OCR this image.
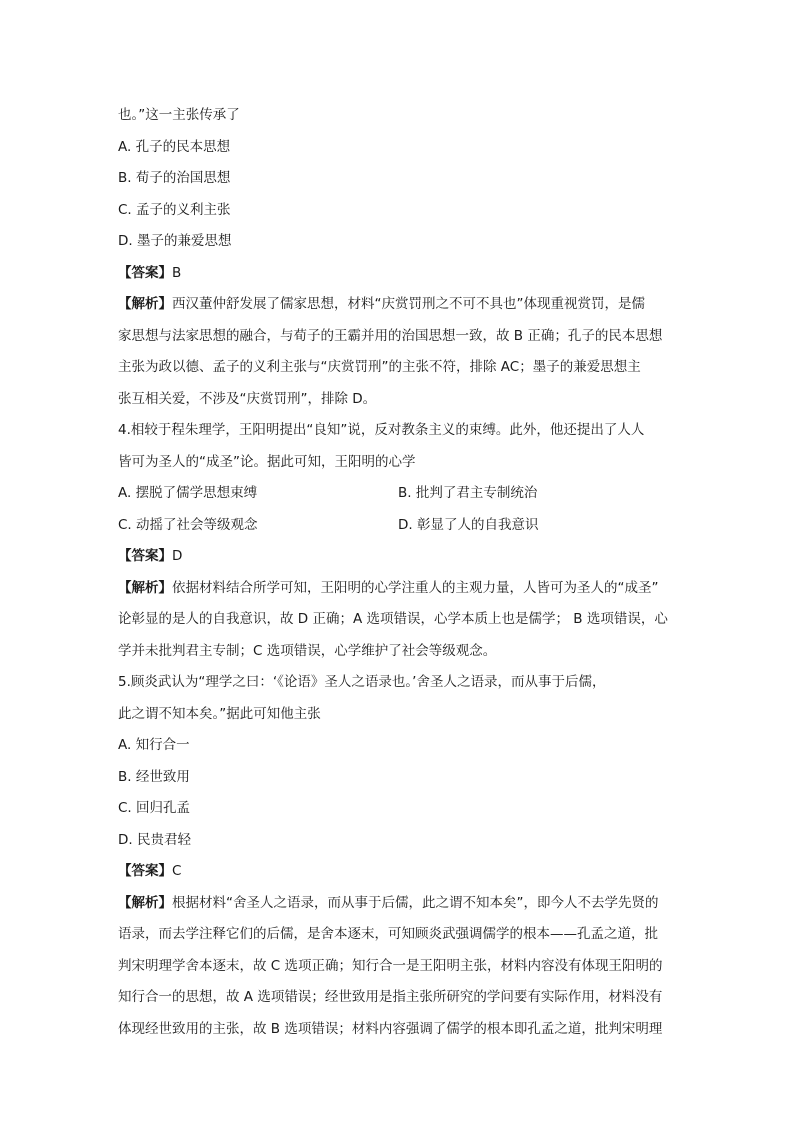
也。”这一主张传承了
A. 孔子的民本思想
B. 荀子的治国思想
C. 孟子的义利主张
D. 墨子的兼爱思想
【答案】B
【解析】西汉董仲舒发展了儒家思想，材料“庆赏罚刑之不可不具也”体现重视赏罚，是儒
家思想与法家思想的融合，与荀子的王霸并用的治国思想一致，故 B 正确；孔子的民本思想
主张为政以德、孟子的义利主张与“庆赏罚刑”的主张不符，排除 AC；墨子的兼爱思想主
张互相关爱，不涉及“庆赏罚刑”，排除 D。
4.相较于程朱理学，王阳明提出“良知”说，反对教条主义的束缚。此外，他还提出了人人
皆可为圣人的“成圣”论。据此可知，王阳明的心学
A. 摆脱了儒学思想束缚	B. 批判了君主专制统治
C. 动摇了社会等级观念	D. 彰显了人的自我意识
【答案】D
【解析】依据材料结合所学可知，王阳明的心学注重人的主观力量，人皆可为圣人的“成圣”
论彰显的是人的自我意识，故 D 正确；A 选项错误，心学本质上也是儒学； B 选项错误，心
学并未批判君主专制；C 选项错误，心学维护了社会等级观念。
5.顾炎武认为“理学之曰：‘《论语》圣人之语录也。’舍圣人之语录，而从事于后儒，
此之谓不知本矣。”据此可知他主张
A. 知行合一
B. 经世致用
C. 回归孔孟
D. 民贵君轻
【答案】C
【解析】根据材料“舍圣人之语录，而从事于后儒，此之谓不知本矣”，即今人不去学先贤的
语录，而去学注释它们的后儒，是舍本逐末，可知顾炎武强调儒学的根本——孔孟之道，批
判宋明理学舍本逐末，故 C 选项正确；知行合一是王阳明主张，材料内容没有体现王阳明的
知行合一的思想，故 A 选项错误；经世致用是指主张所研究的学问要有实际作用，材料没有
体现经世致用的主张，故 B 选项错误；材料内容强调了儒学的根本即孔孟之道，批判宋明理
